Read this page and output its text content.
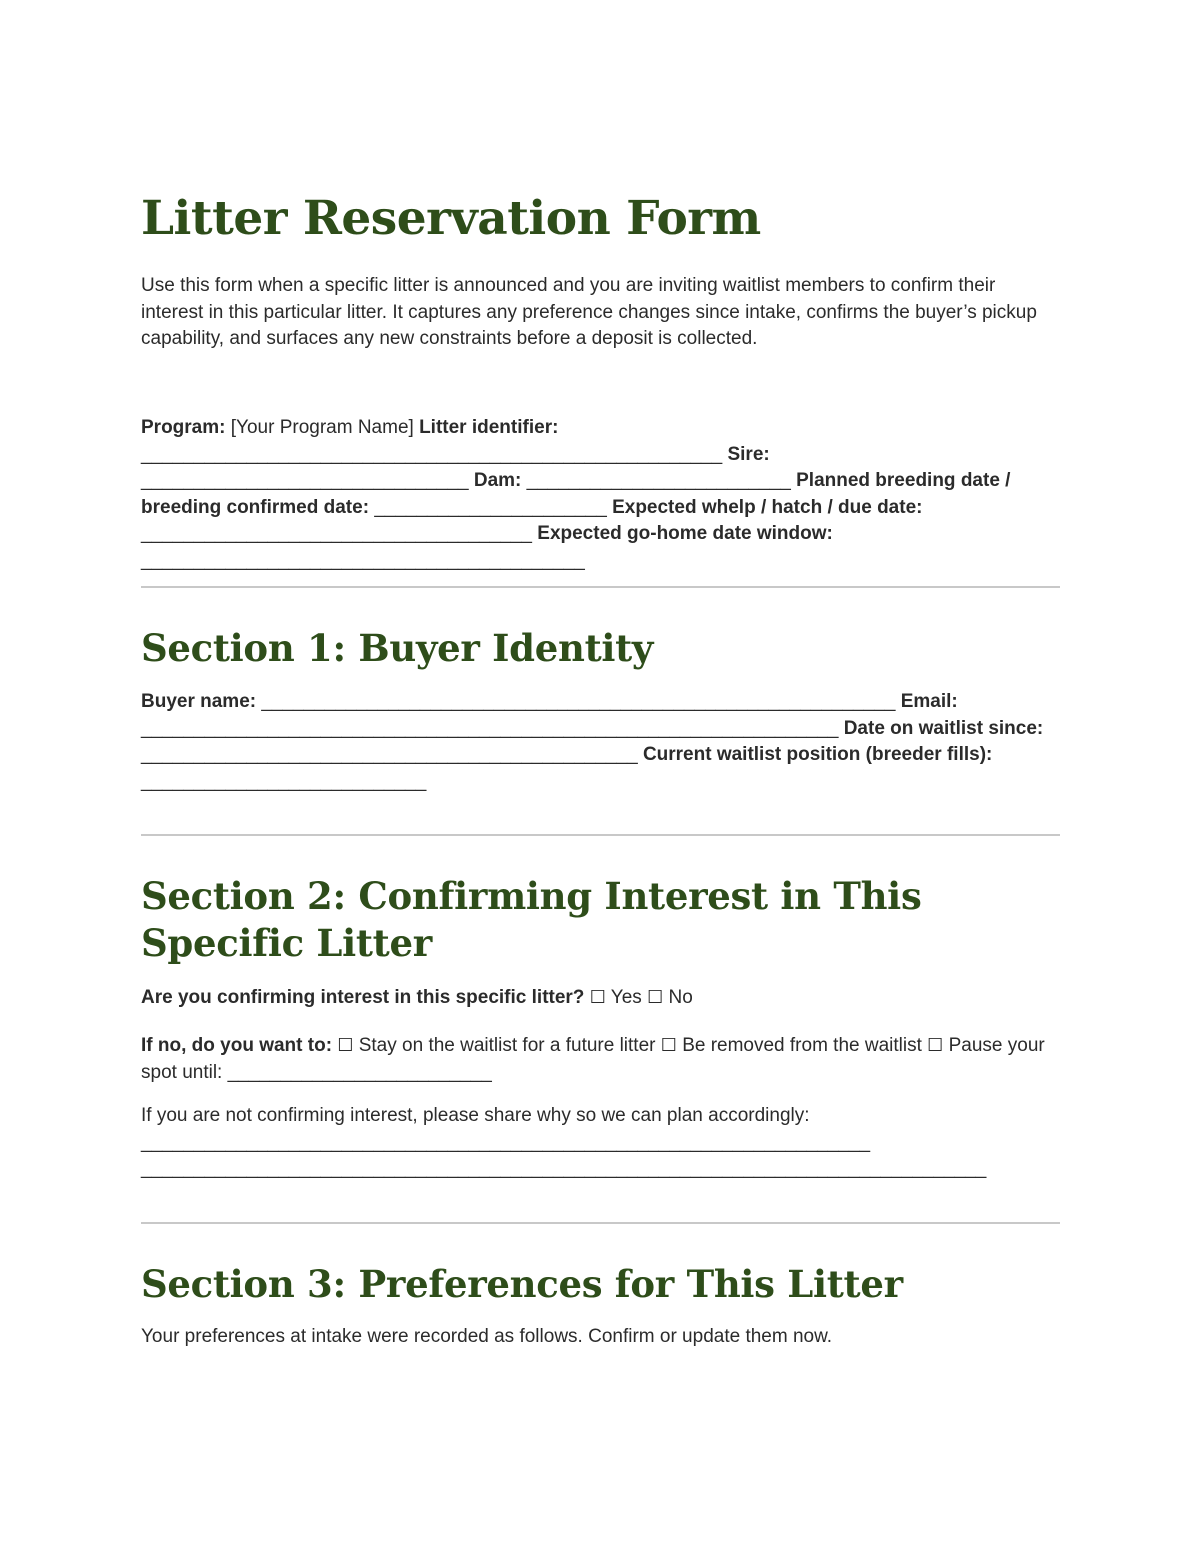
Litter Reservation Form

Use this form when a specific litter is announced and you are inviting waitlist members to confirm their interest in this particular litter. It captures any preference changes since intake, confirms the buyer’s pickup capability, and surfaces any new constraints before a deposit is collected.

Program: [Your Program Name] Litter identifier: _______________________________________________________ Sire: _______________________________ Dam: _________________________ Planned breeding date / breeding confirmed date: ______________________ Expected whelp / hatch / due date: _____________________________________ Expected go-home date window: __________________________________________

Section 1: Buyer Identity

Buyer name: ____________________________________________________________ Email: __________________________________________________________________ Date on waitlist since: _______________________________________________ Current waitlist position (breeder fills): ___________________________

Section 2: Confirming Interest in This Specific Litter

Are you confirming interest in this specific litter? ☐ Yes ☐ No

If no, do you want to: ☐ Stay on the waitlist for a future litter ☐ Be removed from the waitlist ☐ Pause your spot until: _________________________

If you are not confirming interest, please share why so we can plan accordingly:
_____________________________________________________________________
________________________________________________________________________________

Section 3: Preferences for This Litter

Your preferences at intake were recorded as follows. Confirm or update them now.
